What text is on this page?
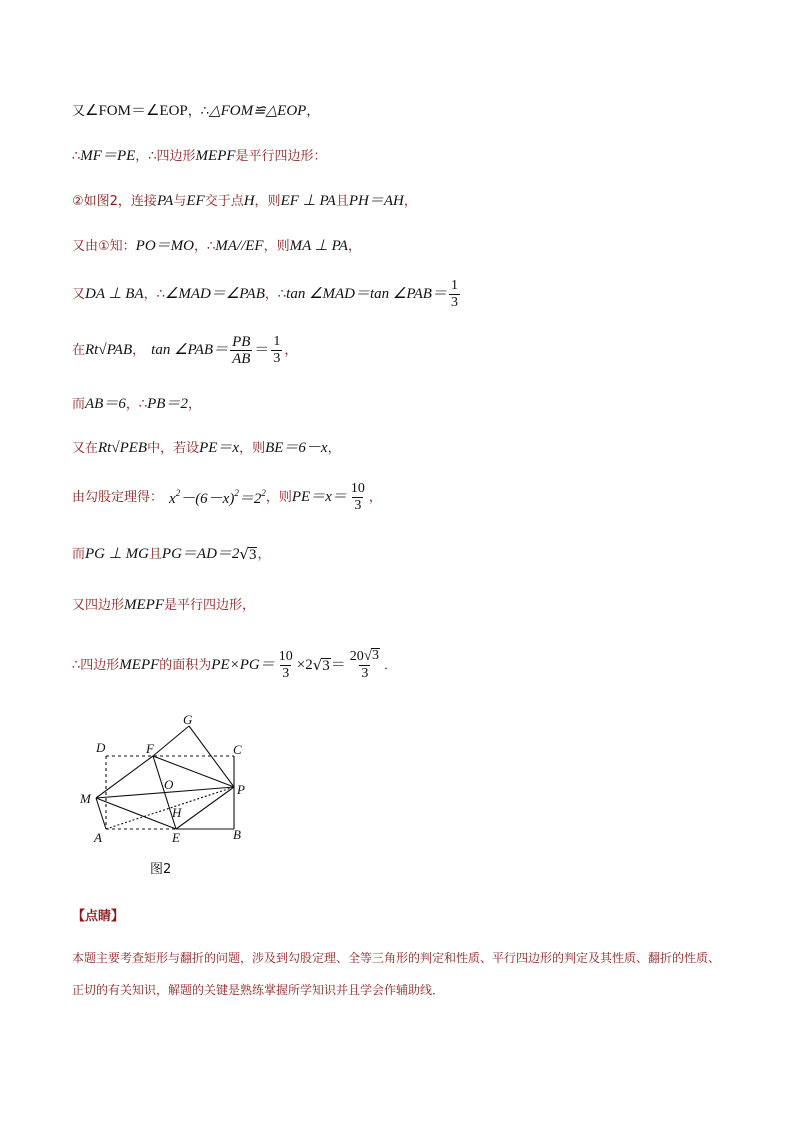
又 ∠FOM＝∠EOP ，∴ △FOM≌△EOP ，
∴ MF＝PE ，∴四边形 MEPF 是平行四边形：
②如图2，连接 PA 与 EF 交于点 H ，则 EF ⊥ PA 且 PH＝AH ，
又由①知： PO＝MO ，∴ MA//EF ，则 MA ⊥ PA ，
又 DA ⊥ BA ，∴ ∠MAD＝∠PAB ，∴ tan ∠MAD＝tan ∠PAB＝ $\frac{1}{3}$
在 Rt√PAB ， tan ∠PAB＝ $\frac{PB}{AB} = \frac{1}{3}$ ，
而 AB＝6 ，∴ PB＝2 ，
又在 Rt√PEB 中，若设 PE＝x ，则 BE＝6－x ，
由勾股定理得： $x^2-(6-x)^2=2^2$ ，则 $PE=x= \frac{10}{3}$ ，
而 PG ⊥ MG 且 PG＝AD＝2 √ 3 ，
又四边形 MEPF 是平行四边形，
∴四边形 MEPF 的面积为 $PE\times PG= \frac{10}{3} \times 2$ √ $3 = \frac{20 √ 3}{3}$ ．
G
D	F	C
O	P
M
H
A	E	B
图2
【点睛】
本题主要考查矩形与翻折的问题，涉及到勾股定理、全等三角形的判定和性质、平行四边形的判定及其性质、翻折的性质、
正切的有关知识，解题的关键是熟练掌握所学知识并且学会作辅助线．
